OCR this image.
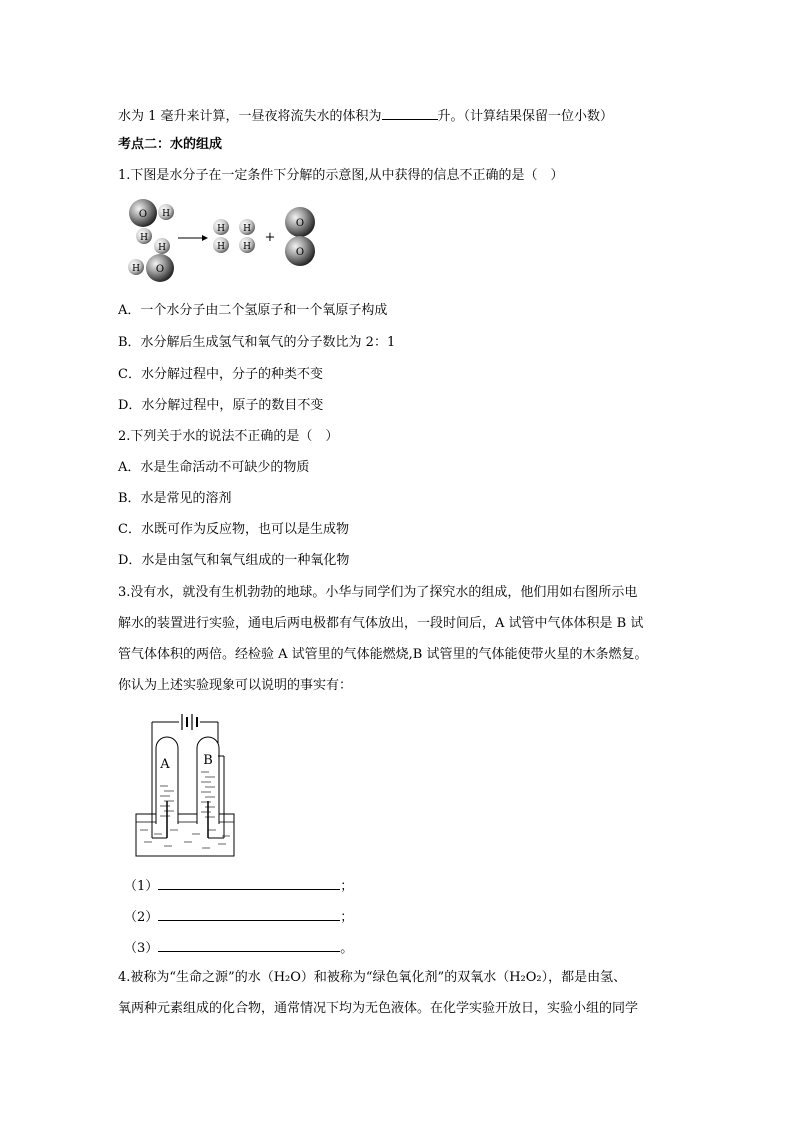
水为 1 毫升来计算，一昼夜将流失水的体积为	升。（计算结果保留一位小数）
考点二：水的组成
1.下图是水分子在一定条件下分解的示意图,从中获得的信息不正确的是（　）
O H
H
H
H O
H
H
H
H
+
O
O
A．一个水分子由二个氢原子和一个氧原子构成
B．水分解后生成氢气和氧气的分子数比为 2：1
C．水分解过程中，分子的种类不变
D．水分解过程中，原子的数目不变
2.下列关于水的说法不正确的是（　）
A．水是生命活动不可缺少的物质
B．水是常见的溶剂
C．水既可作为反应物，也可以是生成物
D．水是由氢气和氧气组成的一种氧化物
3.没有水，就没有生机勃勃的地球。小华与同学们为了探究水的组成，他们用如右图所示电
解水的装置进行实验，通电后两电极都有气体放出，一段时间后，A 试管中气体体积是 B 试
管气体体积的两倍。经检验 A 试管里的气体能燃烧,B 试管里的气体能使带火星的木条燃复。
你认为上述实验现象可以说明的事实有：
A	B
（1）	；
（2）	；
（3）	。
4.被称为“生命之源”的水（H₂O）和被称为“绿色氧化剂”的双氧水（H₂O₂），都是由氢、
氧两种元素组成的化合物，通常情况下均为无色液体。在化学实验开放日，实验小组的同学
